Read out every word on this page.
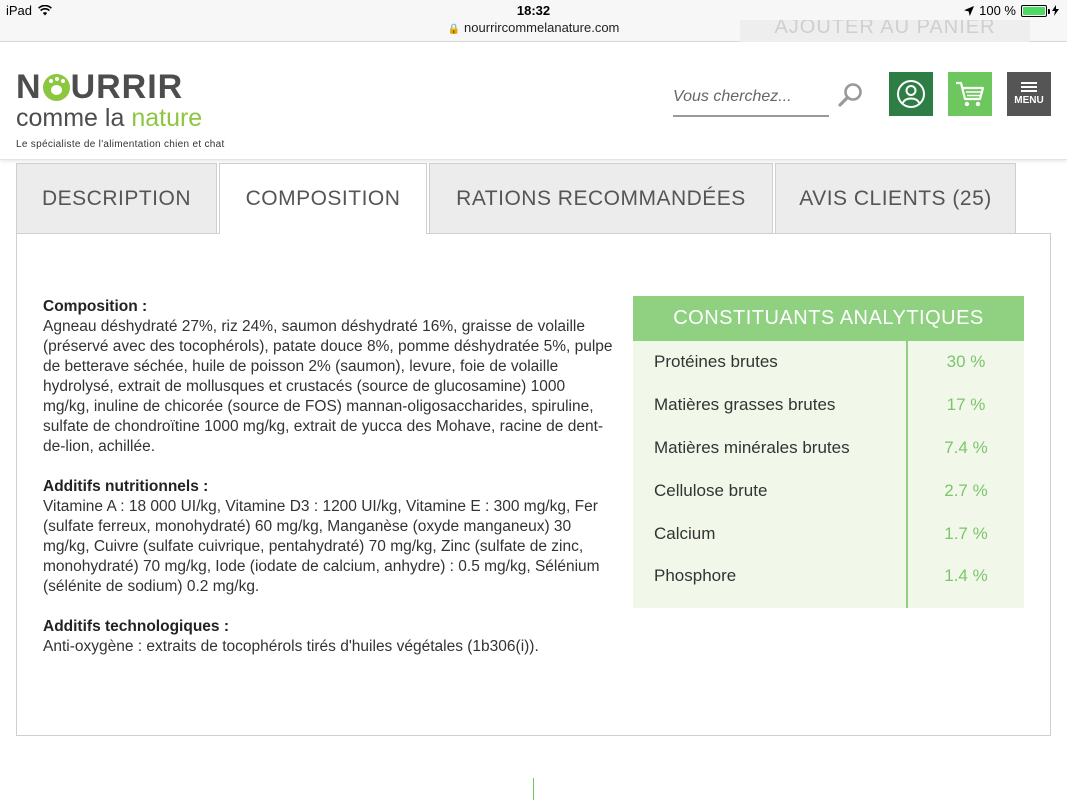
iPad	18:32	100 %
AJOUTER AU PANIER
🔒 nourrircommelanature.com
N URRIR
comme la nature
Le spécialiste de l'alimentation chien et chat
Vous cherchez...
MENU
DESCRIPTION	COMPOSITION	RATIONS RECOMMANDÉES	AVIS CLIENTS (25)
Composition :

Agneau déshydraté 27%, riz 24%, saumon déshydraté 16%, graisse de volaille (préservé avec des tocophérols), patate douce 8%, pomme déshydratée 5%, pulpe de betterave séchée, huile de poisson 2% (saumon), levure, foie de volaille hydrolysé, extrait de mollusques et crustacés (source de glucosamine) 1000 mg/kg, inuline de chicorée (source de FOS) mannan-oligosaccharides, spiruline, sulfate de chondroïtine 1000 mg/kg, extrait de yucca des Mohave, racine de dent-de-lion, achillée.

Additifs nutritionnels :

Vitamine A : 18 000 UI/kg, Vitamine D3 : 1200 UI/kg, Vitamine E : 300 mg/kg, Fer (sulfate ferreux, monohydraté) 60 mg/kg, Manganèse (oxyde manganeux) 30 mg/kg, Cuivre (sulfate cuivrique, pentahydraté) 70 mg/kg, Zinc (sulfate de zinc, monohydraté) 70 mg/kg, Iode (iodate de calcium, anhydre) : 0.5 mg/kg, Sélénium (sélénite de sodium) 0.2 mg/kg.

Additifs technologiques :

Anti-oxygène : extraits de tocophérols tirés d'huiles végétales (1b306(i)).

CONSTITUANTS ANALYTIQUES
Protéines brutes	30 %
Matières grasses brutes	17 %
Matières minérales brutes	7.4 %
Cellulose brute	2.7 %
Calcium	1.7 %
Phosphore	1.4 %
